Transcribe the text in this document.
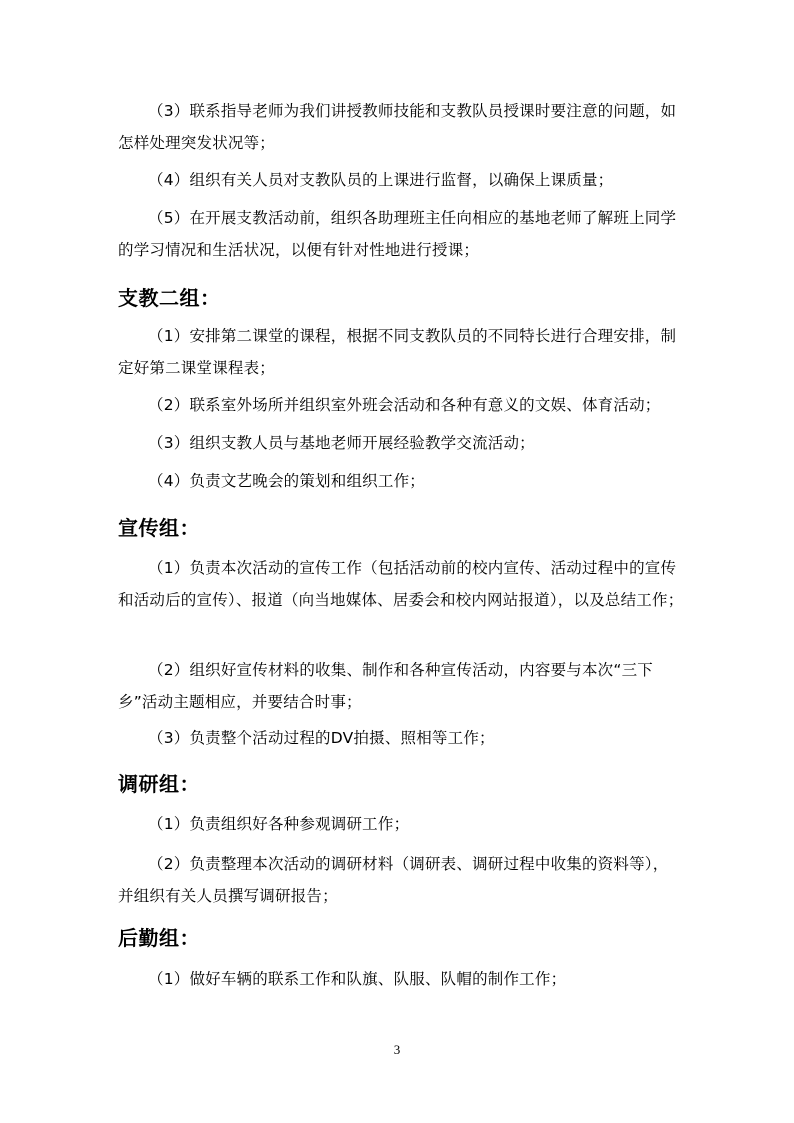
（3）联系指导老师为我们讲授教师技能和支教队员授课时要注意的问题，如怎样处理突发状况等；
（4）组织有关人员对支教队员的上课进行监督，以确保上课质量；
（5）在开展支教活动前，组织各助理班主任向相应的基地老师了解班上同学的学习情况和生活状况，以便有针对性地进行授课；
支教二组：
（1）安排第二课堂的课程，根据不同支教队员的不同特长进行合理安排，制定好第二课堂课程表；
（2）联系室外场所并组织室外班会活动和各种有意义的文娱、体育活动；
（3）组织支教人员与基地老师开展经验教学交流活动；
（4）负责文艺晚会的策划和组织工作；
宣传组：
（1）负责本次活动的宣传工作（包括活动前的校内宣传、活动过程中的宣传和活动后的宣传）、报道（向当地媒体、居委会和校内网站报道），以及总结工作；
（2）组织好宣传材料的收集、制作和各种宣传活动，内容要与本次“三下乡”活动主题相应，并要结合时事；
（3）负责整个活动过程的DV拍摄、照相等工作；
调研组：
（1）负责组织好各种参观调研工作；
（2）负责整理本次活动的调研材料（调研表、调研过程中收集的资料等），并组织有关人员撰写调研报告；
后勤组：
（1）做好车辆的联系工作和队旗、队服、队帽的制作工作；
3
